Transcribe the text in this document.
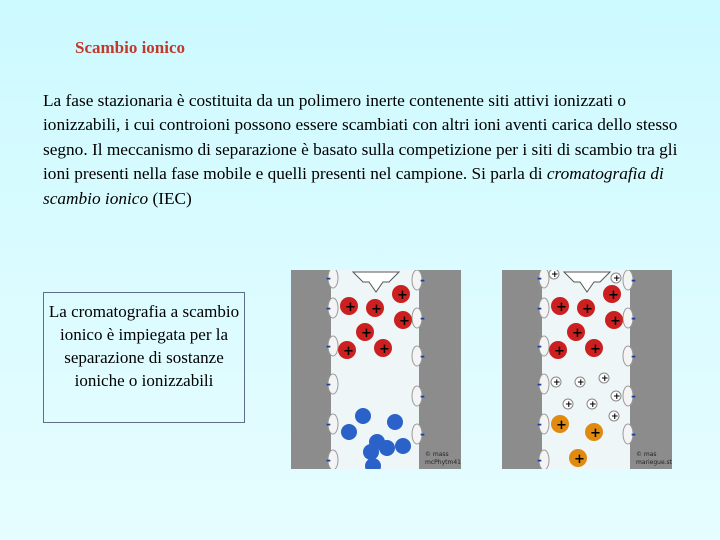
Scambio ionico
La fase stazionaria è costituita da un polimero inerte contenente siti attivi ionizzati o ionizzabili, i cui controioni possono essere scambiati con altri ioni aventi carica dello stesso segno. Il meccanismo di separazione è basato sulla competizione per i siti di scambio tra gli ioni presenti nella fase mobile e quelli presenti nel campione. Si parla di cromatografia di scambio ionico (IEC)
La cromatografia a scambio ionico è impiegata per la separazione di sostanze ioniche o ionizzabili
-
-
-
-
-
-
-
-
-
-
-
+
+ +
+
+
+ +
© mass
mcPhytm41
-
-
-
-
-
-
-
-
-
-
-
+	+
+ + +
+
+
+
+
+
+ +
+
+
+ +
+
+
+	© mas
mariegue.st
